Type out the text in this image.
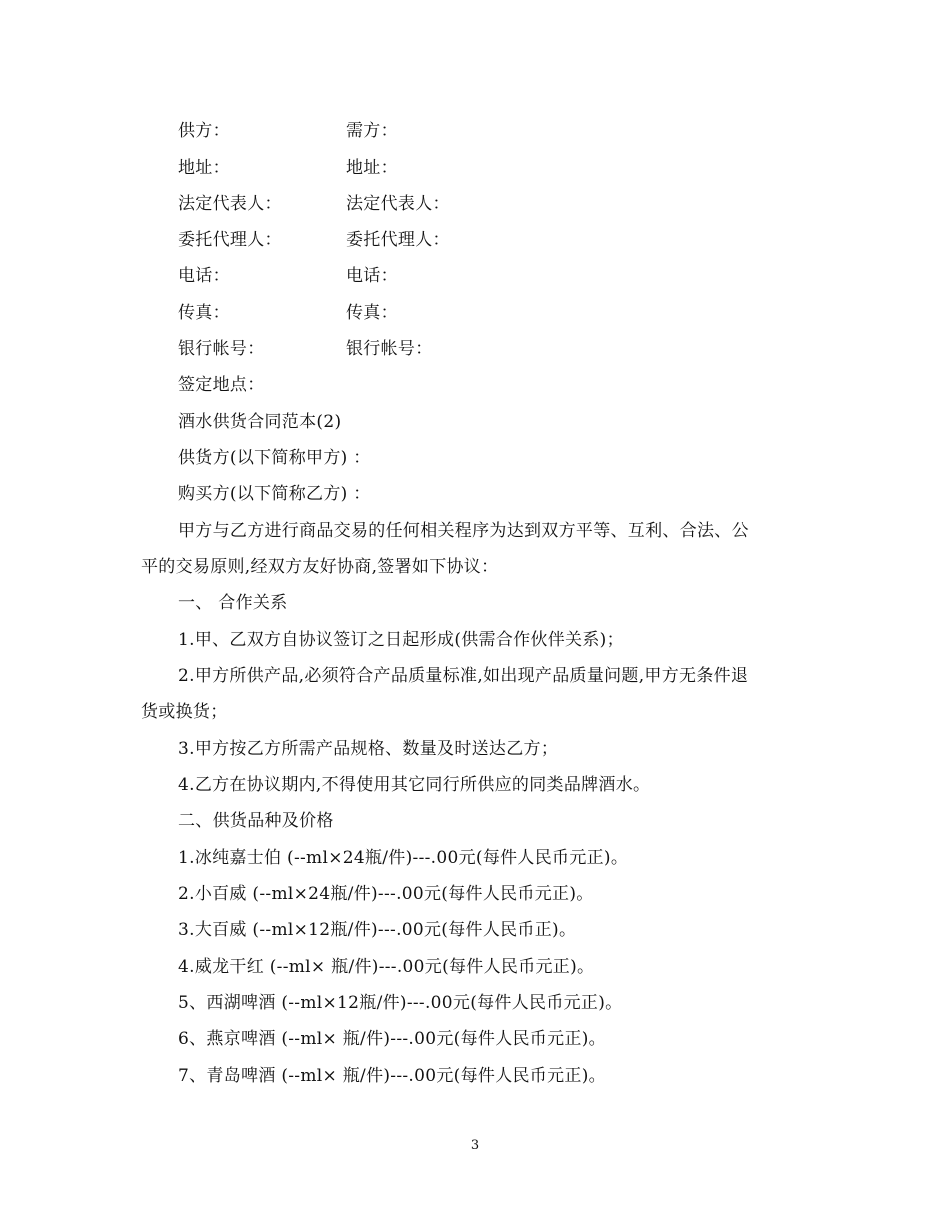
供方：	需方：
地址：	地址：
法定代表人：	法定代表人：
委托代理人：	委托代理人：
电话：	电话：
传真：	传真：
银行帐号：	银行帐号：
签定地点：
酒水供货合同范本(2)
供货方(以下简称甲方) ：
购买方(以下简称乙方) ：
甲方与乙方进行商品交易的任何相关程序为达到双方平等、互利、合法、公
平的交易原则,经双方友好协商,签署如下协议：
一、 合作关系
1.甲、乙双方自协议签订之日起形成(供需合作伙伴关系)；
2.甲方所供产品,必须符合产品质量标准,如出现产品质量问题,甲方无条件退
货或换货；
3.甲方按乙方所需产品规格、数量及时送达乙方；
4.乙方在协议期内,不得使用其它同行所供应的同类品牌酒水。
二、供货品种及价格
1.冰纯嘉士伯 (--ml×24瓶/件)---.00元(每件人民币元正)。
2.小百威 (--ml×24瓶/件)---.00元(每件人民币元正)。
3.大百威 (--ml×12瓶/件)---.00元(每件人民币正)。
4.威龙干红 (--ml× 瓶/件)---.00元(每件人民币元正)。
5、西湖啤酒 (--ml×12瓶/件)---.00元(每件人民币元正)。
6、燕京啤酒 (--ml× 瓶/件)---.00元(每件人民币元正)。
7、青岛啤酒 (--ml× 瓶/件)---.00元(每件人民币元正)。
3
